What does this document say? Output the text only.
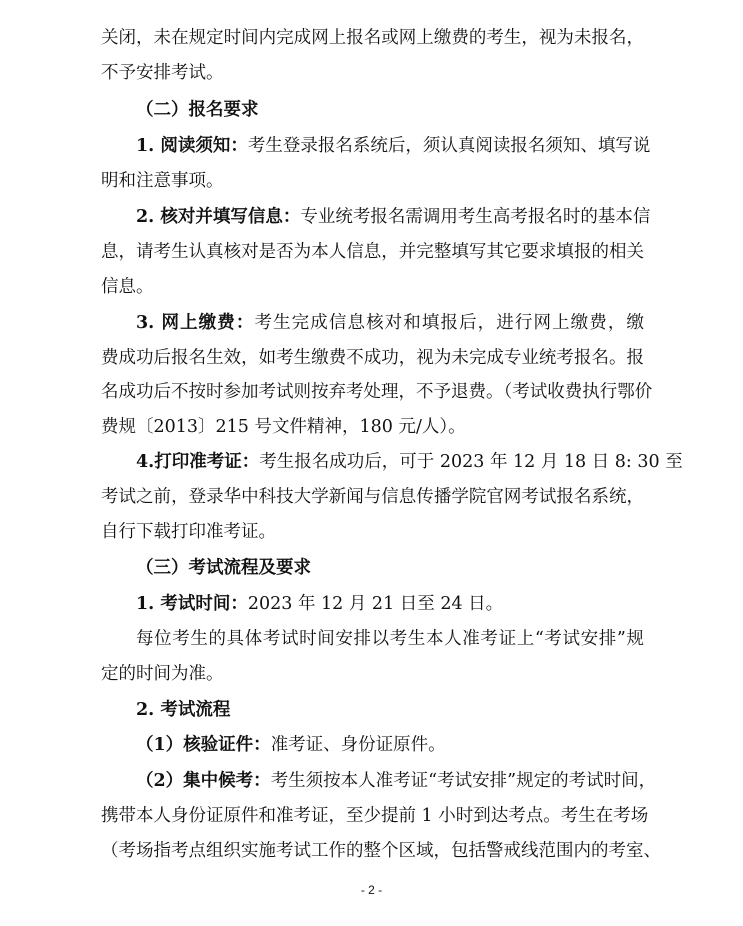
关闭，未在规定时间内完成网上报名或网上缴费的考生，视为未报名，
不予安排考试。
（二）报名要求
1. 阅读须知：考生登录报名系统后，须认真阅读报名须知、填写说
明和注意事项。
2. 核对并填写信息：专业统考报名需调用考生高考报名时的基本信
息，请考生认真核对是否为本人信息，并完整填写其它要求填报的相关
信息。
3. 网上缴费：考生完成信息核对和填报后，进行网上缴费，缴
费成功后报名生效，如考生缴费不成功，视为未完成专业统考报名。报
名成功后不按时参加考试则按弃考处理，不予退费。（考试收费执行鄂价
费规〔2013〕215 号文件精神，180 元/人）。
4.打印准考证：考生报名成功后，可于 2023 年 12 月 18 日 8: 30 至
考试之前，登录华中科技大学新闻与信息传播学院官网考试报名系统，
自行下载打印准考证。
（三）考试流程及要求
1. 考试时间：2023 年 12 月 21 日至 24 日。
每位考生的具体考试时间安排以考生本人准考证上“考试安排”规
定的时间为准。
2. 考试流程
（1）核验证件：准考证、身份证原件。
（2）集中候考：考生须按本人准考证“考试安排”规定的考试时间，
携带本人身份证原件和准考证，至少提前 1 小时到达考点。考生在考场
（考场指考点组织实施考试工作的整个区域，包括警戒线范围内的考室、
- 2 -
